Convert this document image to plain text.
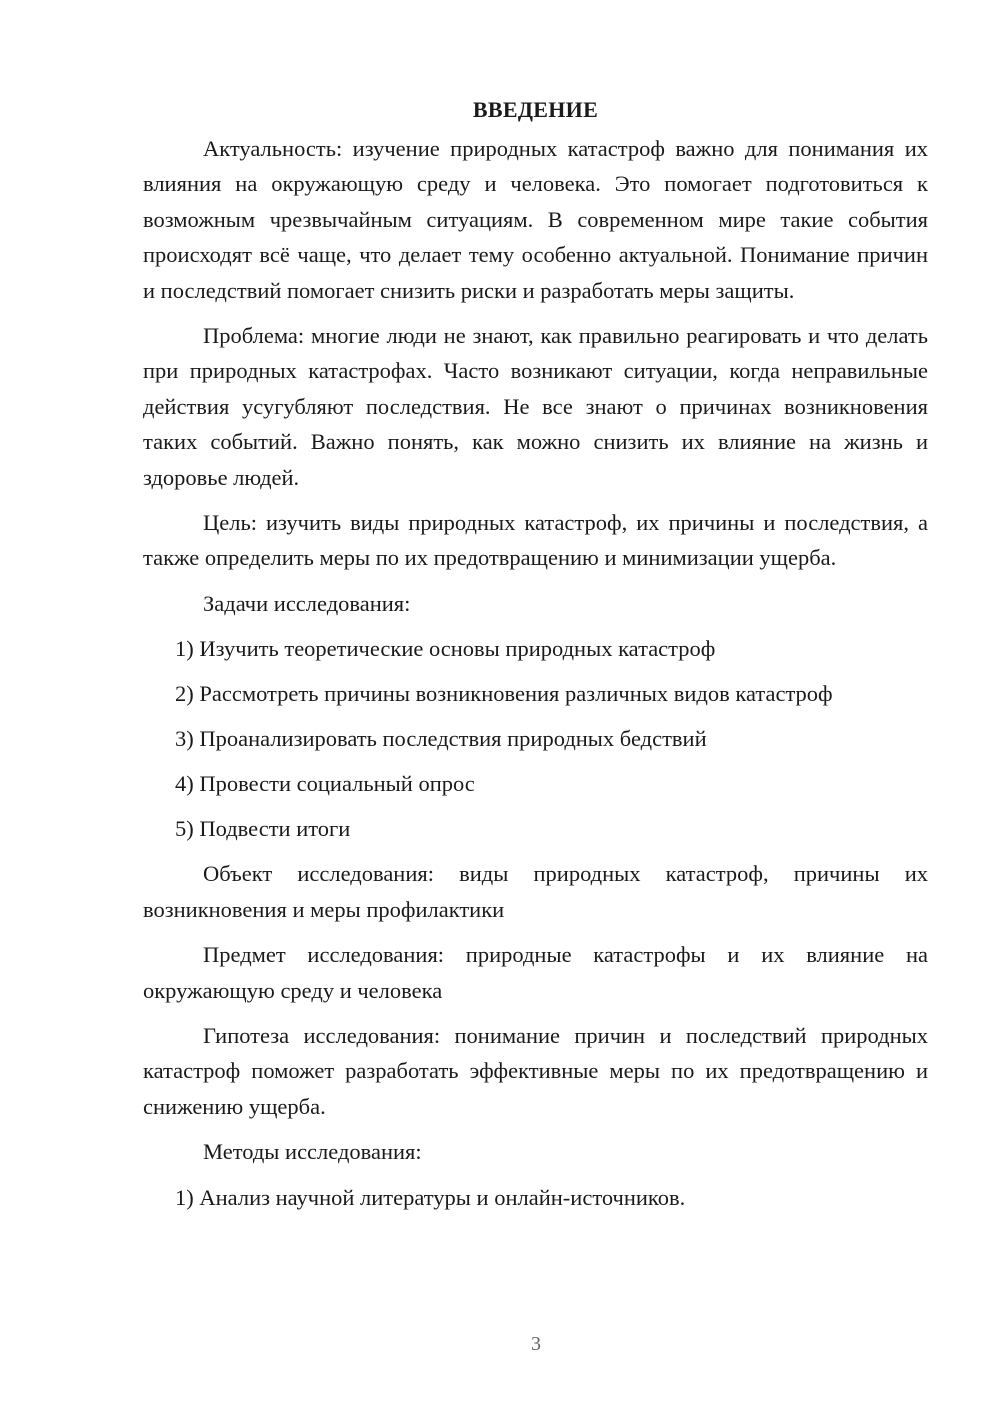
ВВЕДЕНИЕ

Актуальность: изучение природных катастроф важно для понимания их влияния на окружающую среду и человека. Это помогает подготовиться к возможным чрезвычайным ситуациям. В современном мире такие события происходят всё чаще, что делает тему особенно актуальной. Понимание причин и последствий помогает снизить риски и разработать меры защиты.

Проблема: многие люди не знают, как правильно реагировать и что делать при природных катастрофах. Часто возникают ситуации, когда неправильные действия усугубляют последствия. Не все знают о причинах возникновения таких событий. Важно понять, как можно снизить их влияние на жизнь и здоровье людей.

Цель: изучить виды природных катастроф, их причины и последствия, а также определить меры по их предотвращению и минимизации ущерба.

Задачи исследования:

1) Изучить теоретические основы природных катастроф
2) Рассмотреть причины возникновения различных видов катастроф
3) Проанализировать последствия природных бедствий
4) Провести социальный опрос
5) Подвести итоги

Объект исследования: виды природных катастроф, причины их возникновения и меры профилактики

Предмет исследования: природные катастрофы и их влияние на окружающую среду и человека

Гипотеза исследования: понимание причин и последствий природных катастроф поможет разработать эффективные меры по их предотвращению и снижению ущерба.

Методы исследования:

1) Анализ научной литературы и онлайн-источников.
3
